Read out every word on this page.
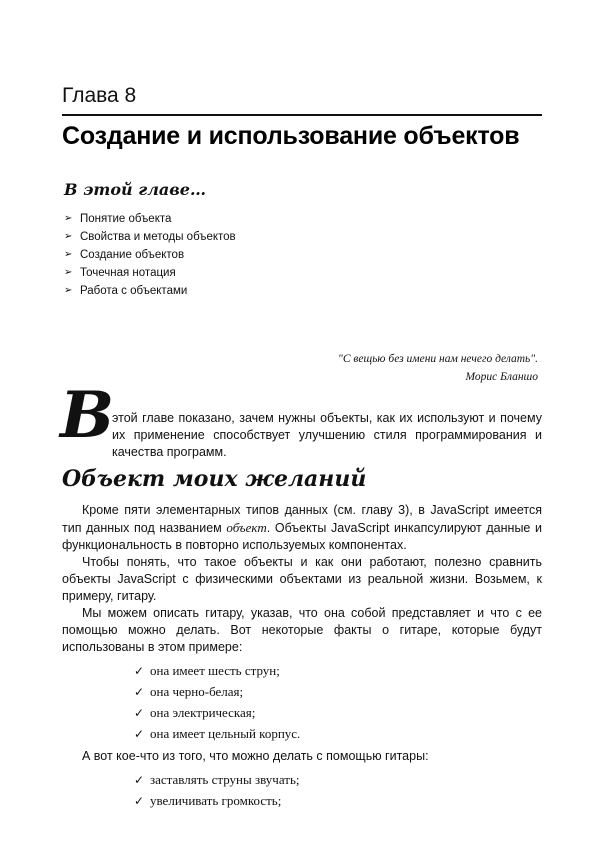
Глава 8
Создание и использование объектов
В этой главе…
➢ Понятие объекта
➢ Свойства и методы объектов
➢ Создание объектов
➢ Точечная нотация
➢ Работа с объектами
"С вещью без имени нам нечего делать".
Морис Бланшо
В
этой главе показано, зачем нужны объекты, как их используют и почему их применение способствует улучшению стиля программирования и качества программ.
Объект моих желаний

Кроме пяти элементарных типов данных (см. главу 3), в JavaScript имеется тип данных под названием объект. Объекты JavaScript инкапсулируют данные и функциональность в повторно используемых компонентах.

Чтобы понять, что такое объекты и как они работают, полезно сравнить объекты JavaScript с физическими объектами из реальной жизни. Возьмем, к примеру, гитару.

Мы можем описать гитару, указав, что она собой представляет и что с ее помощью можно делать. Вот некоторые факты о гитаре, которые будут использованы в этом примере:

✓ она имеет шесть струн;
✓ она черно-белая;
✓ она электрическая;
✓ она имеет цельный корпус.

А вот кое-что из того, что можно делать с помощью гитары:

✓ заставлять струны звучать;
✓ увеличивать громкость;
